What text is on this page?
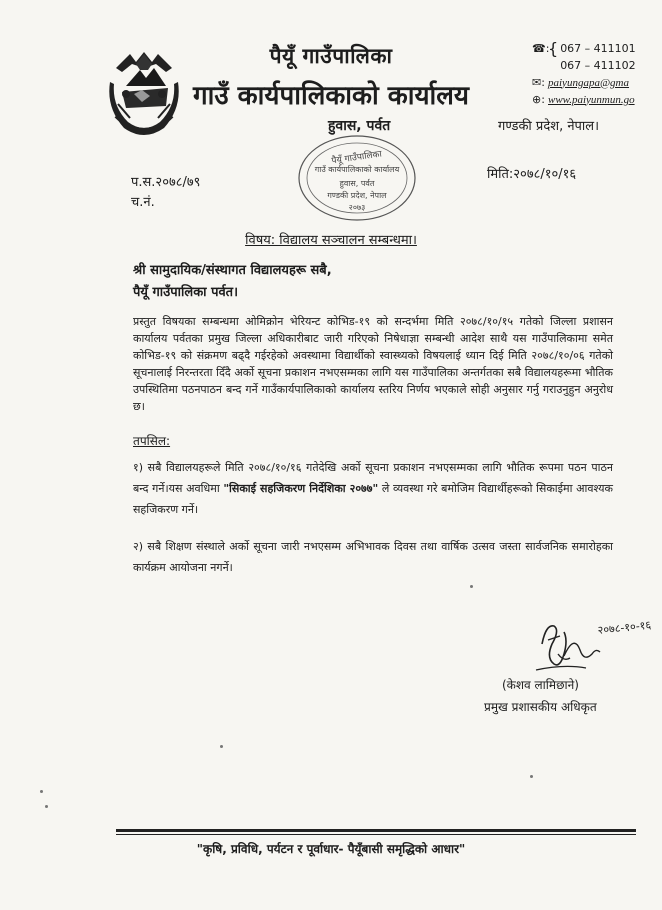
पैयूँ गाउँपालिका
गाउँ कार्यपालिकाको कार्यालय
हुवास, पर्वत
☎:
{ 067 – 411101
067 – 411102
✉: paiyungapa@gma
⊕: www.paiyunmun.go
गण्डकी प्रदेश, नेपाल।
पैयूँ गाउँपालिका
गाउँ कार्यपालिकाको कार्यालय
हुवास, पर्वत
गण्डकी प्रदेश, नेपाल
२०७३
प.स.२०७८/७९
च.नं.
मिति:२०७८/१०/१६
विषय: विद्यालय सञ्चालन सम्बन्धमा।
श्री सामुदायिक/संस्थागत विद्यालयहरू सबै,
पैयूँ गाउँपालिका पर्वत।
प्रस्तुत विषयका सम्बन्धमा ओमिक्रोन भेरियन्ट कोभिड-१९ को सन्दर्भमा मिति २०७८/१०/१५ गतेको जिल्ला प्रशासन कार्यालय पर्वतका प्रमुख जिल्ला अधिकारीबाट जारी गरिएको निषेधाज्ञा सम्बन्धी आदेश साथै यस गाउँपालिकामा समेत कोभिड-१९ को संक्रमण बढ्दै गईरहेको अवस्थामा विद्यार्थीको स्वास्थ्यको विषयलाई ध्यान दिई मिति २०७८/१०/०६ गतेको सूचनालाई निरन्तरता दिँदै अर्को सूचना प्रकाशन नभएसम्मका लागि यस गाउँपालिका अन्तर्गतका सबै विद्यालयहरूमा भौतिक उपस्थितिमा पठनपाठन बन्द गर्ने गाउँकार्यपालिकाको कार्यालय स्तरिय निर्णय भएकाले सोही अनुसार गर्नु गराउनुहुन अनुरोध छ।
तपसिल:
१) सबै विद्यालयहरूले मिति २०७८/१०/१६ गतेदेखि अर्को सूचना प्रकाशन नभएसम्मका लागि भौतिक रूपमा पठन पाठन बन्द गर्ने।यस अवधिमा "सिकाई सहजिकरण निर्देशिका २०७७" ले व्यवस्था गरे बमोजिम विद्यार्थीहरूको सिकाईमा आवश्यक सहजिकरण गर्ने।
२) सबै शिक्षण संस्थाले अर्को सूचना जारी नभएसम्म अभिभावक दिवस तथा वार्षिक उत्सव जस्ता सार्वजनिक समारोहका कार्यक्रम आयोजना नगर्ने।
२०७८-१०-१६
(केशव लामिछाने)
प्रमुख प्रशासकीय अधिकृत
"कृषि, प्रविधि, पर्यटन र पूर्वाधार- पैयूँबासी समृद्धिको आधार"
